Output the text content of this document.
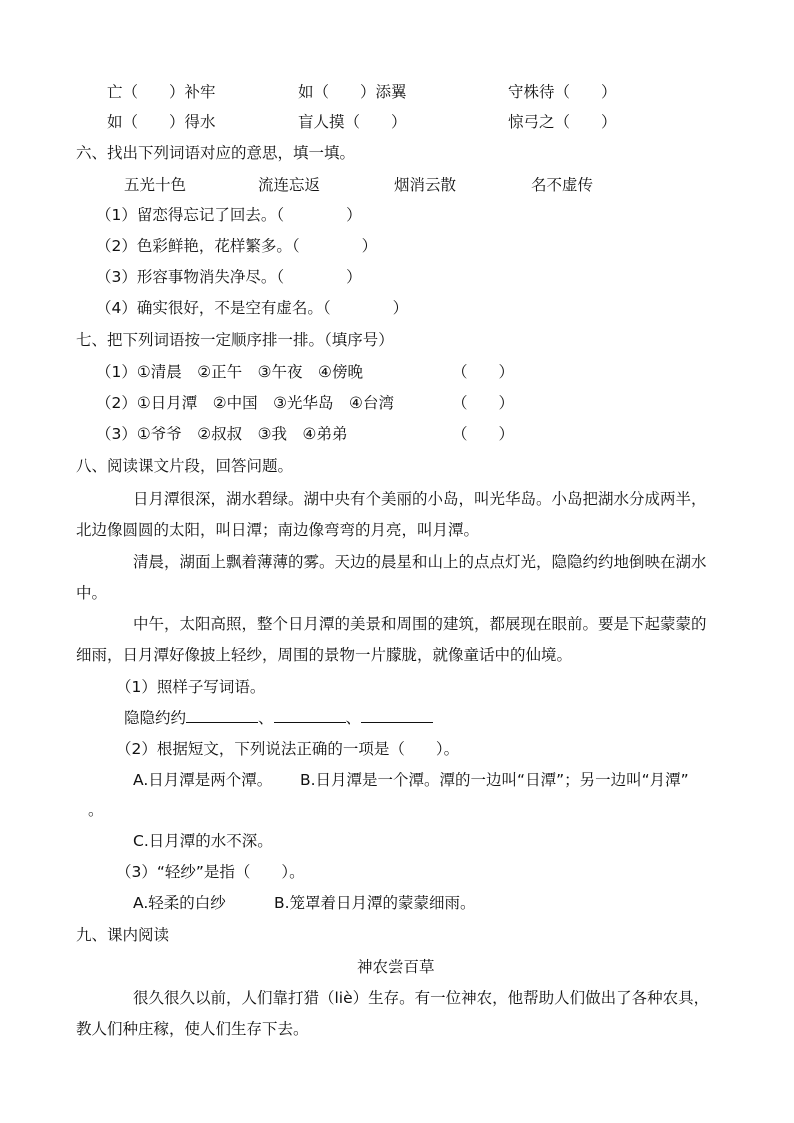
亡（　　）补牢	如（　　）添翼	守株待（　　）
如（　　）得水	盲人摸（　　）	惊弓之（　　）
六、找出下列词语对应的意思，填一填。
五光十色	流连忘返	烟消云散	名不虚传
（1）留恋得忘记了回去。（　　　　）
（2）色彩鲜艳，花样繁多。（　　　　）
（3）形容事物消失净尽。（　　　　）
（4）确实很好，不是空有虚名。（　　　　）
七、把下列词语按一定顺序排一排。（填序号）
（1）①清晨　②正午　③午夜　④傍晚	（　　）
（2）①日月潭　②中国　③光华岛　④台湾	（　　）
（3）①爷爷　②叔叔　③我　④弟弟	（　　）
八、阅读课文片段，回答问题。
日月潭很深，湖水碧绿。湖中央有个美丽的小岛，叫光华岛。小岛把湖水分成两半，
北边像圆圆的太阳，叫日潭；南边像弯弯的月亮，叫月潭。
清晨，湖面上飘着薄薄的雾。天边的晨星和山上的点点灯光，隐隐约约地倒映在湖水
中。
中午，太阳高照，整个日月潭的美景和周围的建筑，都展现在眼前。要是下起蒙蒙的
细雨，日月潭好像披上轻纱，周围的景物一片朦胧，就像童话中的仙境。
（1）照样子写词语。
隐隐约约	、	、
（2）根据短文，下列说法正确的一项是（　　）。
A.日月潭是两个潭。 B.日月潭是一个潭。潭的一边叫“日潭”；另一边叫“月潭”
。
C.日月潭的水不深。
（3）“轻纱”是指（　　）。
A.轻柔的白纱	B.笼罩着日月潭的蒙蒙细雨。
九、课内阅读
神农尝百草
很久很久以前，人们靠打猎（liè）生存。有一位神农，他帮助人们做出了各种农具，
教人们种庄稼，使人们生存下去。
